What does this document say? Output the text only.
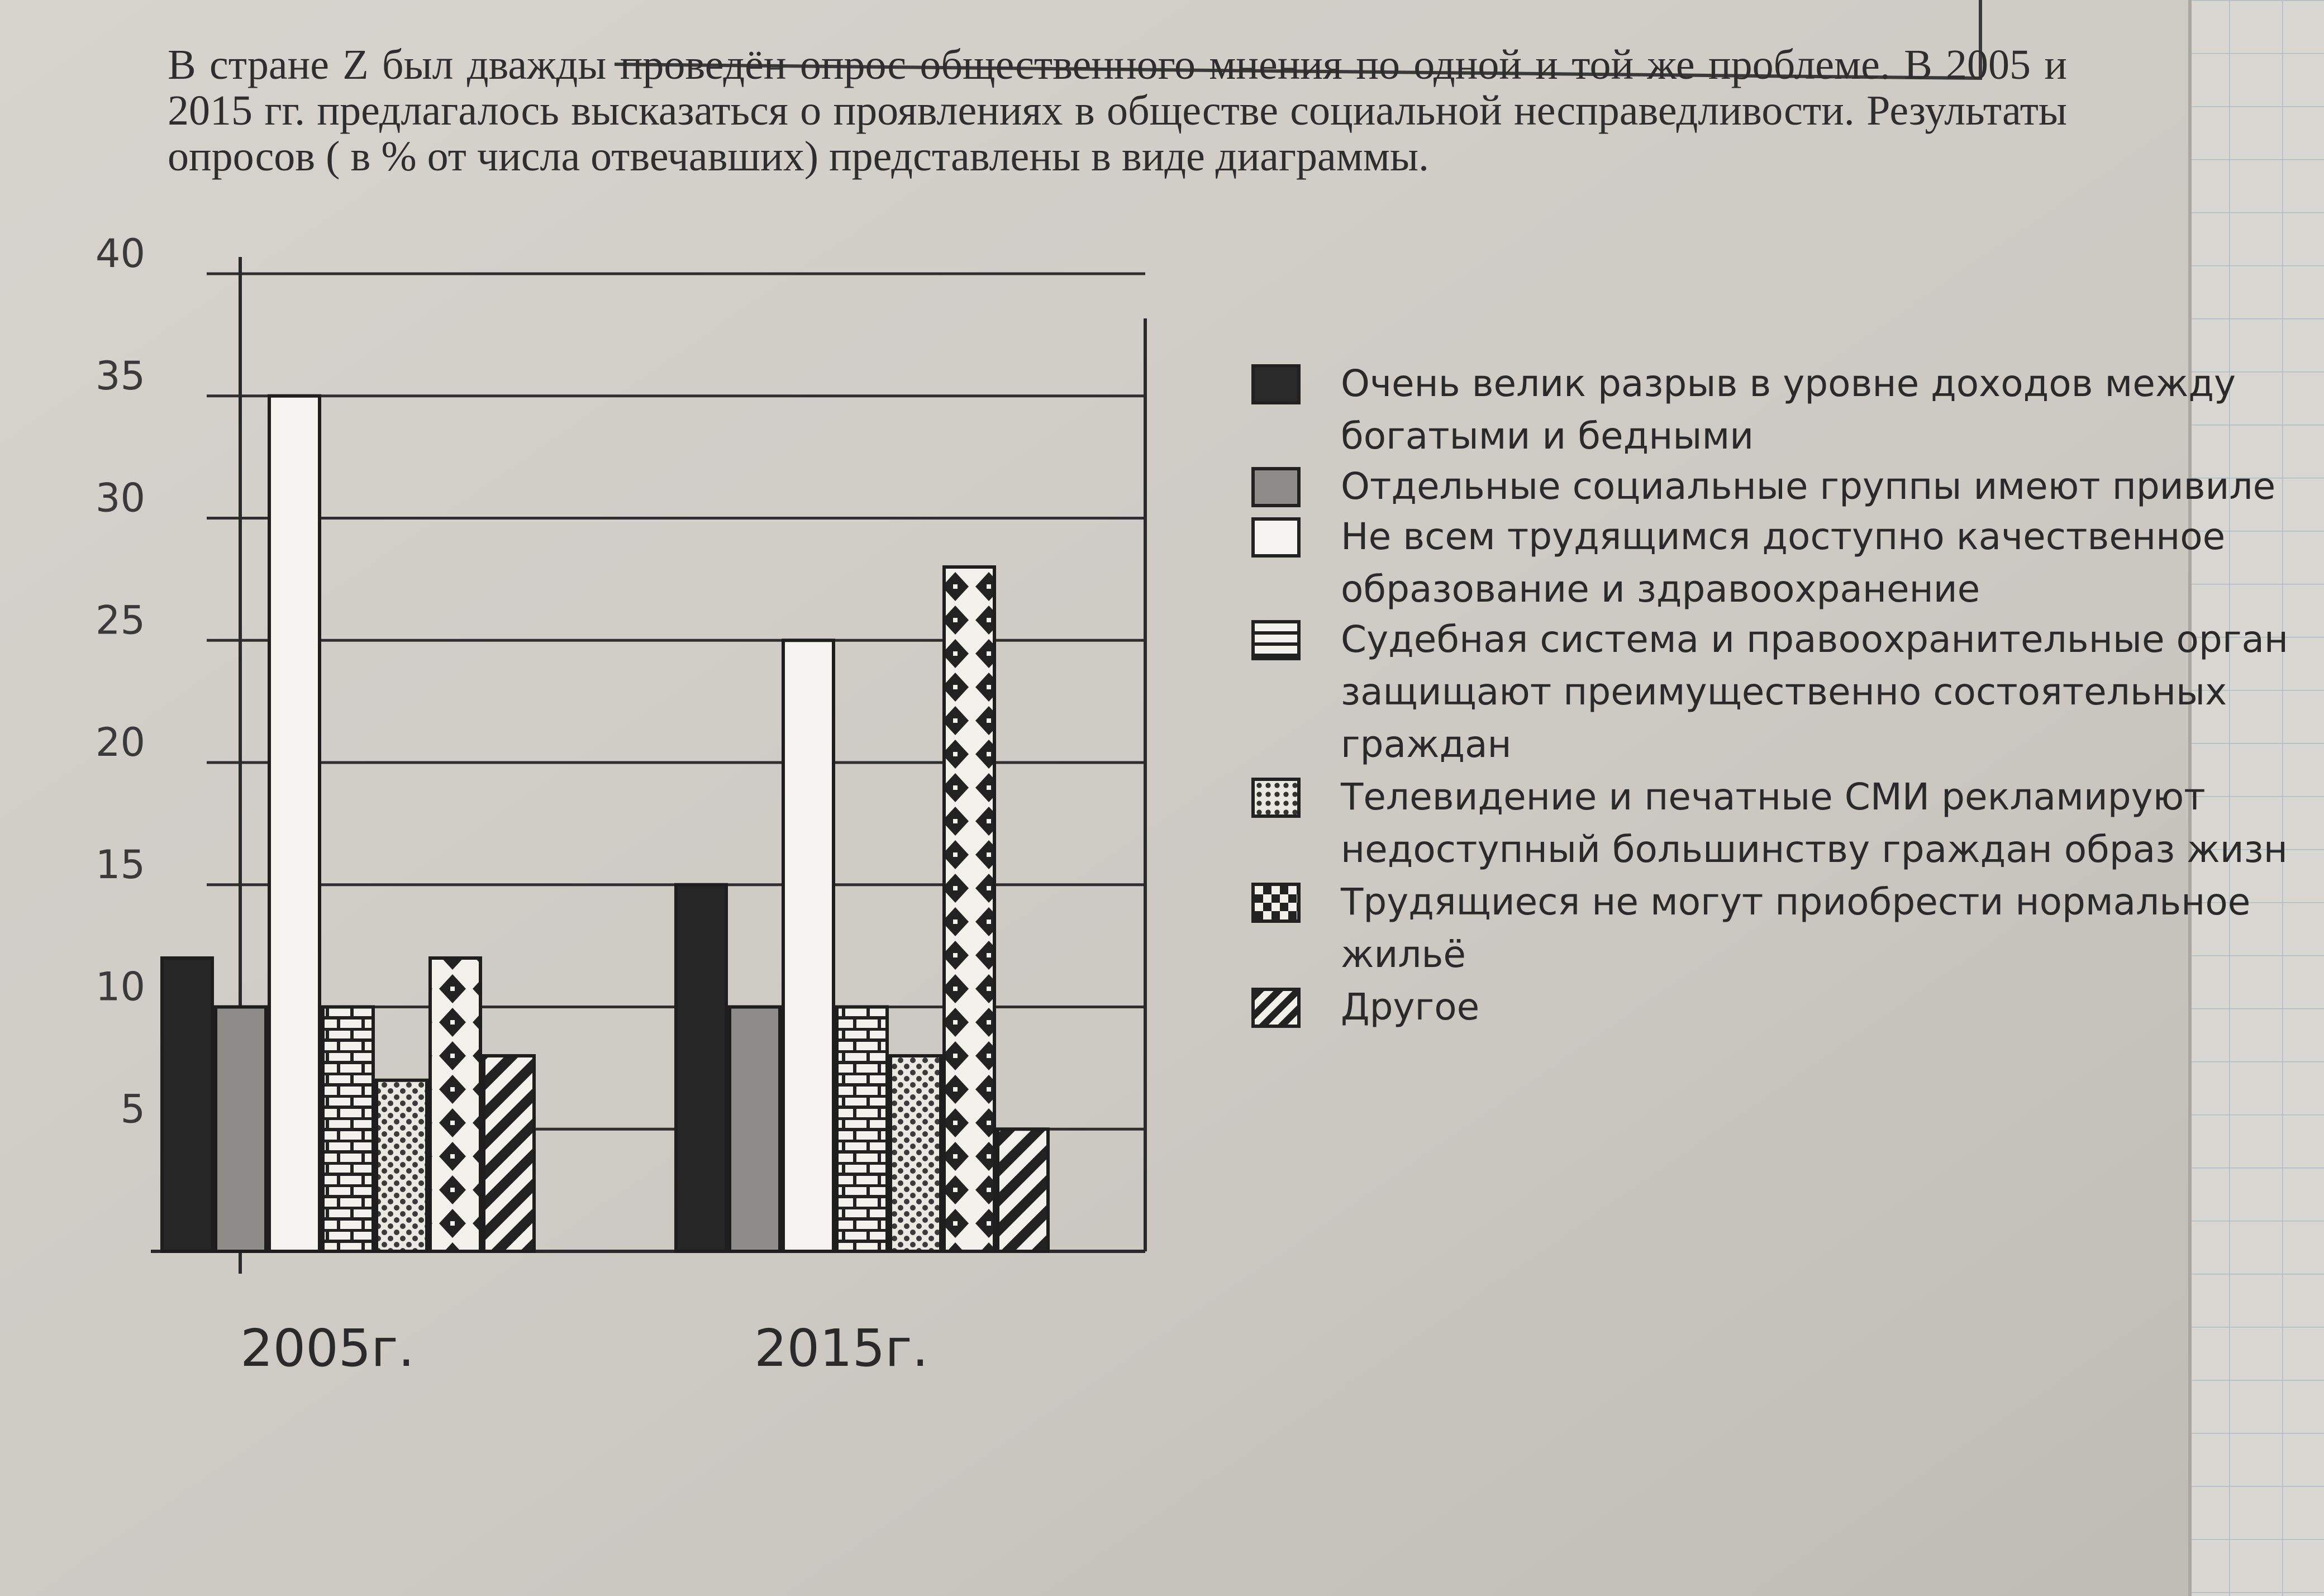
В стране Z был дважды проведён опрос общественного мнения по одной и той же проблеме. В 2005 и 2015 гг. предлагалось высказаться о проявлениях в обществе социальной несправедливости. Результаты опросов ( в % от числа отвечавших) представлены в виде диаграммы.

40
35
30
25
20
15
10
5
2005г.	2015г.
Очень велик разрыв в уровне доходов между богатыми и бедными
Отдельные социальные группы имеют привиле
Не всем трудящимся доступно качественное образование и здравоохранение
Судебная система и правоохранительные орган защищают преимущественно состоятельных граждан
Телевидение и печатные СМИ рекламируют недоступный большинству граждан образ жизн
Трудящиеся не могут приобрести нормальное жильё
Другое
